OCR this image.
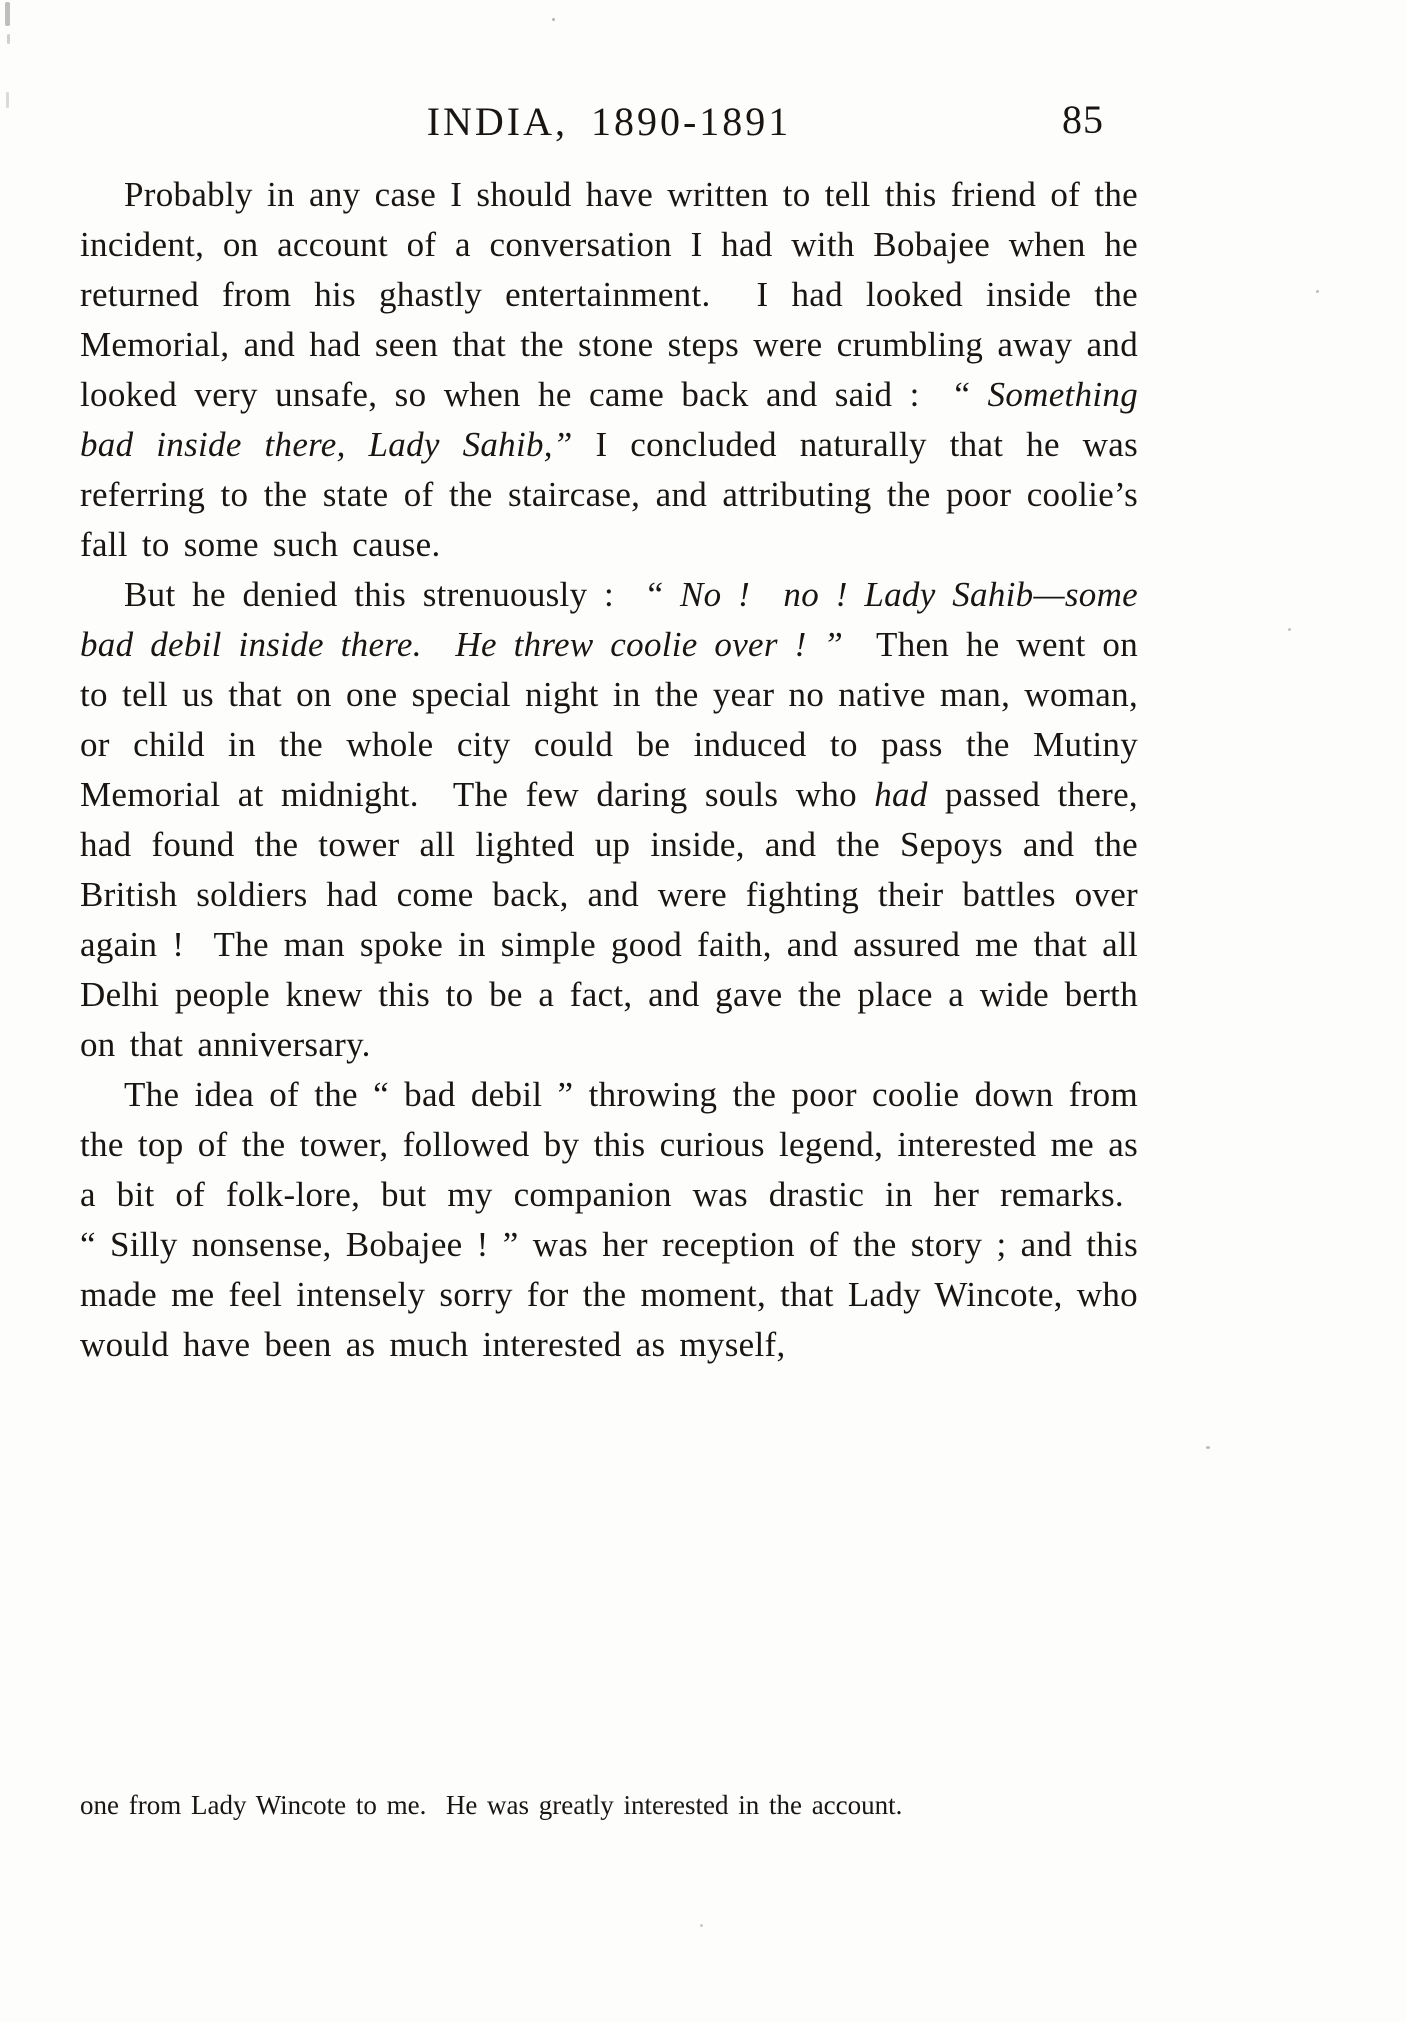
INDIA, 1890-1891	85

Probably in any case I should have written to tell this friend of the incident, on account of a conversation I had with Bobajee when he returned from his ghastly entertainment.  I had looked inside the Memorial, and had seen that the stone steps were crumbling away and looked very unsafe, so when he came back and said :  “ Something bad inside there, Lady Sahib,” I concluded naturally that he was referring to the state of the staircase, and attributing the poor coolie’s fall to some such cause.

But he denied this strenuously :  “ No !  no ! Lady Sahib—some bad debil inside there.  He threw coolie over ! ”  Then he went on to tell us that on one special night in the year no native man, woman, or child in the whole city could be induced to pass the Mutiny Memorial at midnight.  The few daring souls who had passed there, had found the tower all lighted up inside, and the Sepoys and the British soldiers had come back, and were fighting their battles over again !  The man spoke in simple good faith, and assured me that all Delhi people knew this to be a fact, and gave the place a wide berth on that anniversary.

The idea of the “ bad debil ” throwing the poor coolie down from the top of the tower, followed by this curious legend, interested me as a bit of folk-lore, but my companion was drastic in her remarks.  “ Silly nonsense, Bobajee ! ” was her reception of the story ; and this made me feel intensely sorry for the moment, that Lady Wincote, who would have been as much interested as myself,

one from Lady Wincote to me.  He was greatly interested in the account.
